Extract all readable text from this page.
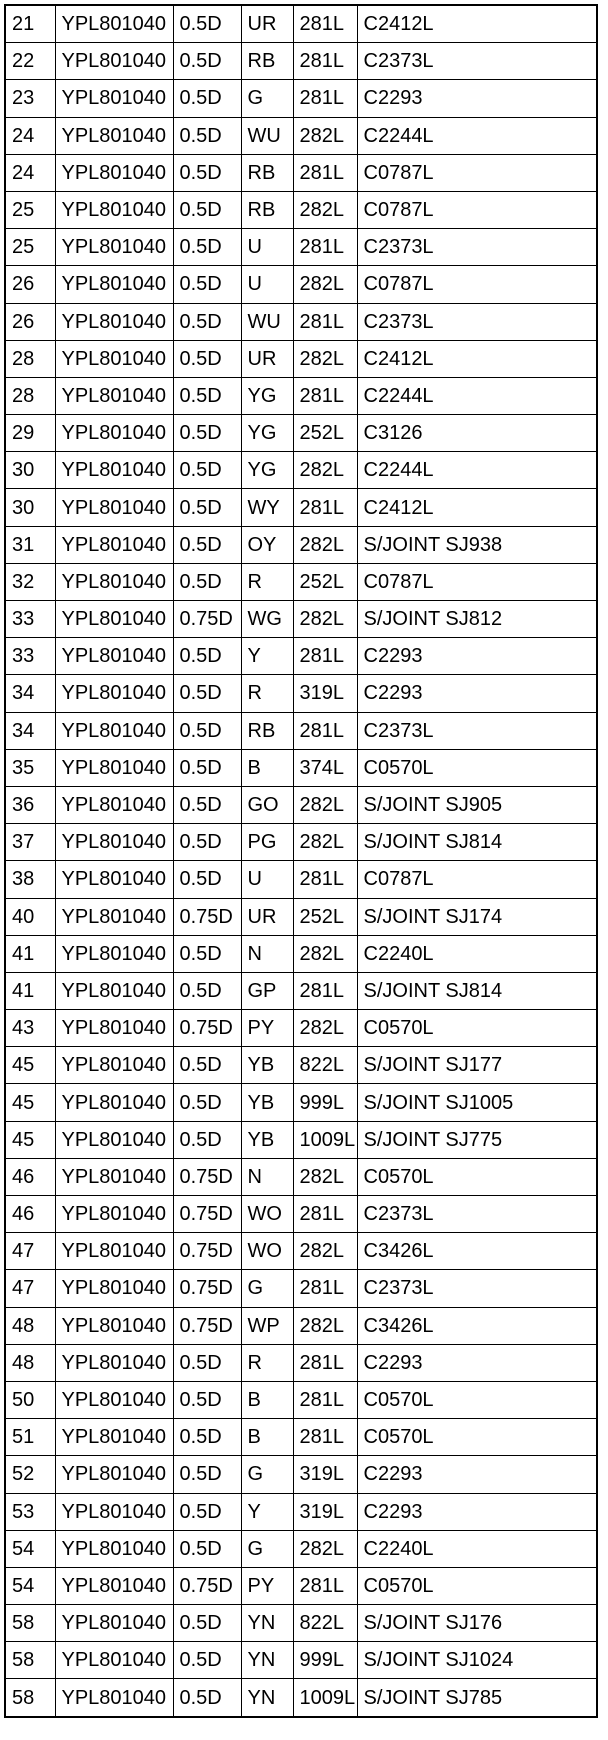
21	YPL801040	0.5D	UR	281L	C2412L
22	YPL801040	0.5D	RB	281L	C2373L
23	YPL801040	0.5D	G	281L	C2293
24	YPL801040	0.5D	WU	282L	C2244L
24	YPL801040	0.5D	RB	281L	C0787L
25	YPL801040	0.5D	RB	282L	C0787L
25	YPL801040	0.5D	U	281L	C2373L
26	YPL801040	0.5D	U	282L	C0787L
26	YPL801040	0.5D	WU	281L	C2373L
28	YPL801040	0.5D	UR	282L	C2412L
28	YPL801040	0.5D	YG	281L	C2244L
29	YPL801040	0.5D	YG	252L	C3126
30	YPL801040	0.5D	YG	282L	C2244L
30	YPL801040	0.5D	WY	281L	C2412L
31	YPL801040	0.5D	OY	282L	S/JOINT SJ938
32	YPL801040	0.5D	R	252L	C0787L
33	YPL801040	0.75D	WG	282L	S/JOINT SJ812
33	YPL801040	0.5D	Y	281L	C2293
34	YPL801040	0.5D	R	319L	C2293
34	YPL801040	0.5D	RB	281L	C2373L
35	YPL801040	0.5D	B	374L	C0570L
36	YPL801040	0.5D	GO	282L	S/JOINT SJ905
37	YPL801040	0.5D	PG	282L	S/JOINT SJ814
38	YPL801040	0.5D	U	281L	C0787L
40	YPL801040	0.75D	UR	252L	S/JOINT SJ174
41	YPL801040	0.5D	N	282L	C2240L
41	YPL801040	0.5D	GP	281L	S/JOINT SJ814
43	YPL801040	0.75D	PY	282L	C0570L
45	YPL801040	0.5D	YB	822L	S/JOINT SJ177
45	YPL801040	0.5D	YB	999L	S/JOINT SJ1005
45	YPL801040	0.5D	YB	1009L	S/JOINT SJ775
46	YPL801040	0.75D	N	282L	C0570L
46	YPL801040	0.75D	WO	281L	C2373L
47	YPL801040	0.75D	WO	282L	C3426L
47	YPL801040	0.75D	G	281L	C2373L
48	YPL801040	0.75D	WP	282L	C3426L
48	YPL801040	0.5D	R	281L	C2293
50	YPL801040	0.5D	B	281L	C0570L
51	YPL801040	0.5D	B	281L	C0570L
52	YPL801040	0.5D	G	319L	C2293
53	YPL801040	0.5D	Y	319L	C2293
54	YPL801040	0.5D	G	282L	C2240L
54	YPL801040	0.75D	PY	281L	C0570L
58	YPL801040	0.5D	YN	822L	S/JOINT SJ176
58	YPL801040	0.5D	YN	999L	S/JOINT SJ1024
58	YPL801040	0.5D	YN	1009L	S/JOINT SJ785
